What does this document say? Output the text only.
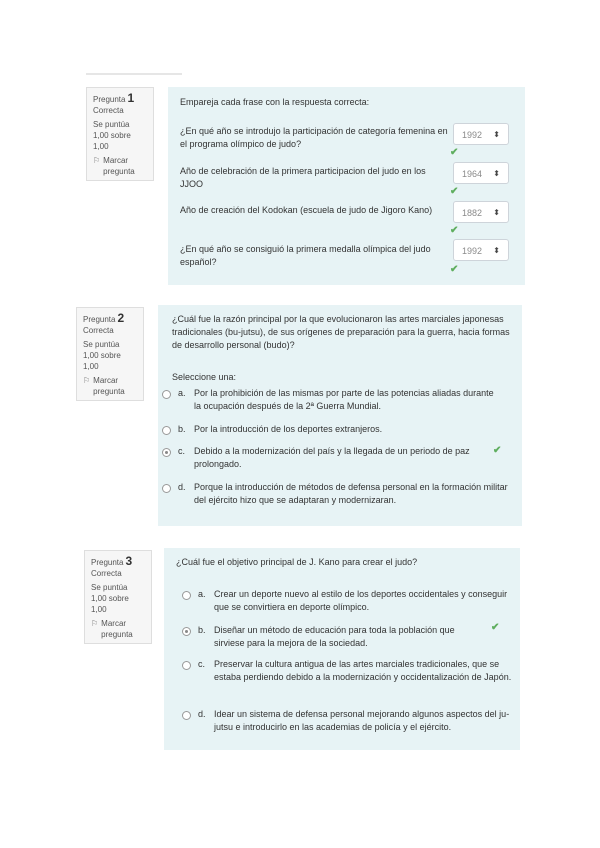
Pregunta 1
Correcta
Se puntúa 1,00 sobre 1,00
⚐ Marcar pregunta
Empareja cada frase con la respuesta correcta:
¿En qué año se introdujo la participación de categoría femenina en el programa olímpico de judo?
1992 ⬍
✔
Año de celebración de la primera participacion del judo en los JJOO
1964 ⬍
✔
Año de creación del Kodokan (escuela de judo de Jigoro Kano)	1882 ⬍
✔
¿En qué año se consiguió la primera medalla olímpica del judo español?
1992 ⬍
✔
Pregunta 2
Correcta
Se puntúa 1,00 sobre 1,00
⚐ Marcar pregunta
¿Cuál fue la razón principal por la que evolucionaron las artes marciales japonesas tradicionales (bu-jutsu), de sus orígenes de preparación para la guerra, hacia formas de desarrollo personal (budo)?
Seleccione una:
a. Por la prohibición de las mismas por parte de las potencias aliadas durante la ocupación después de la 2ª Guerra Mundial.
b. Por la introducción de los deportes extranjeros.
c. Debido a la modernización del país y la llegada de un periodo de paz prolongado.
✔
d. Porque la introducción de métodos de defensa personal en la formación militar del ejército hizo que se adaptaran y modernizaran.
Pregunta 3
Correcta
Se puntúa 1,00 sobre 1,00
⚐ Marcar pregunta
¿Cuál fue el objetivo principal de J. Kano para crear el judo?
a. Crear un deporte nuevo al estilo de los deportes occidentales y conseguir que se convirtiera en deporte olímpico.
b. Diseñar un método de educación para toda la población que sirviese para la mejora de la sociedad.
✔
c. Preservar la cultura antigua de las artes marciales tradicionales, que se estaba perdiendo debido a la modernización y occidentalización de Japón.
d. Idear un sistema de defensa personal mejorando algunos aspectos del ju-jutsu e introducirlo en las academias de policía y el ejército.
